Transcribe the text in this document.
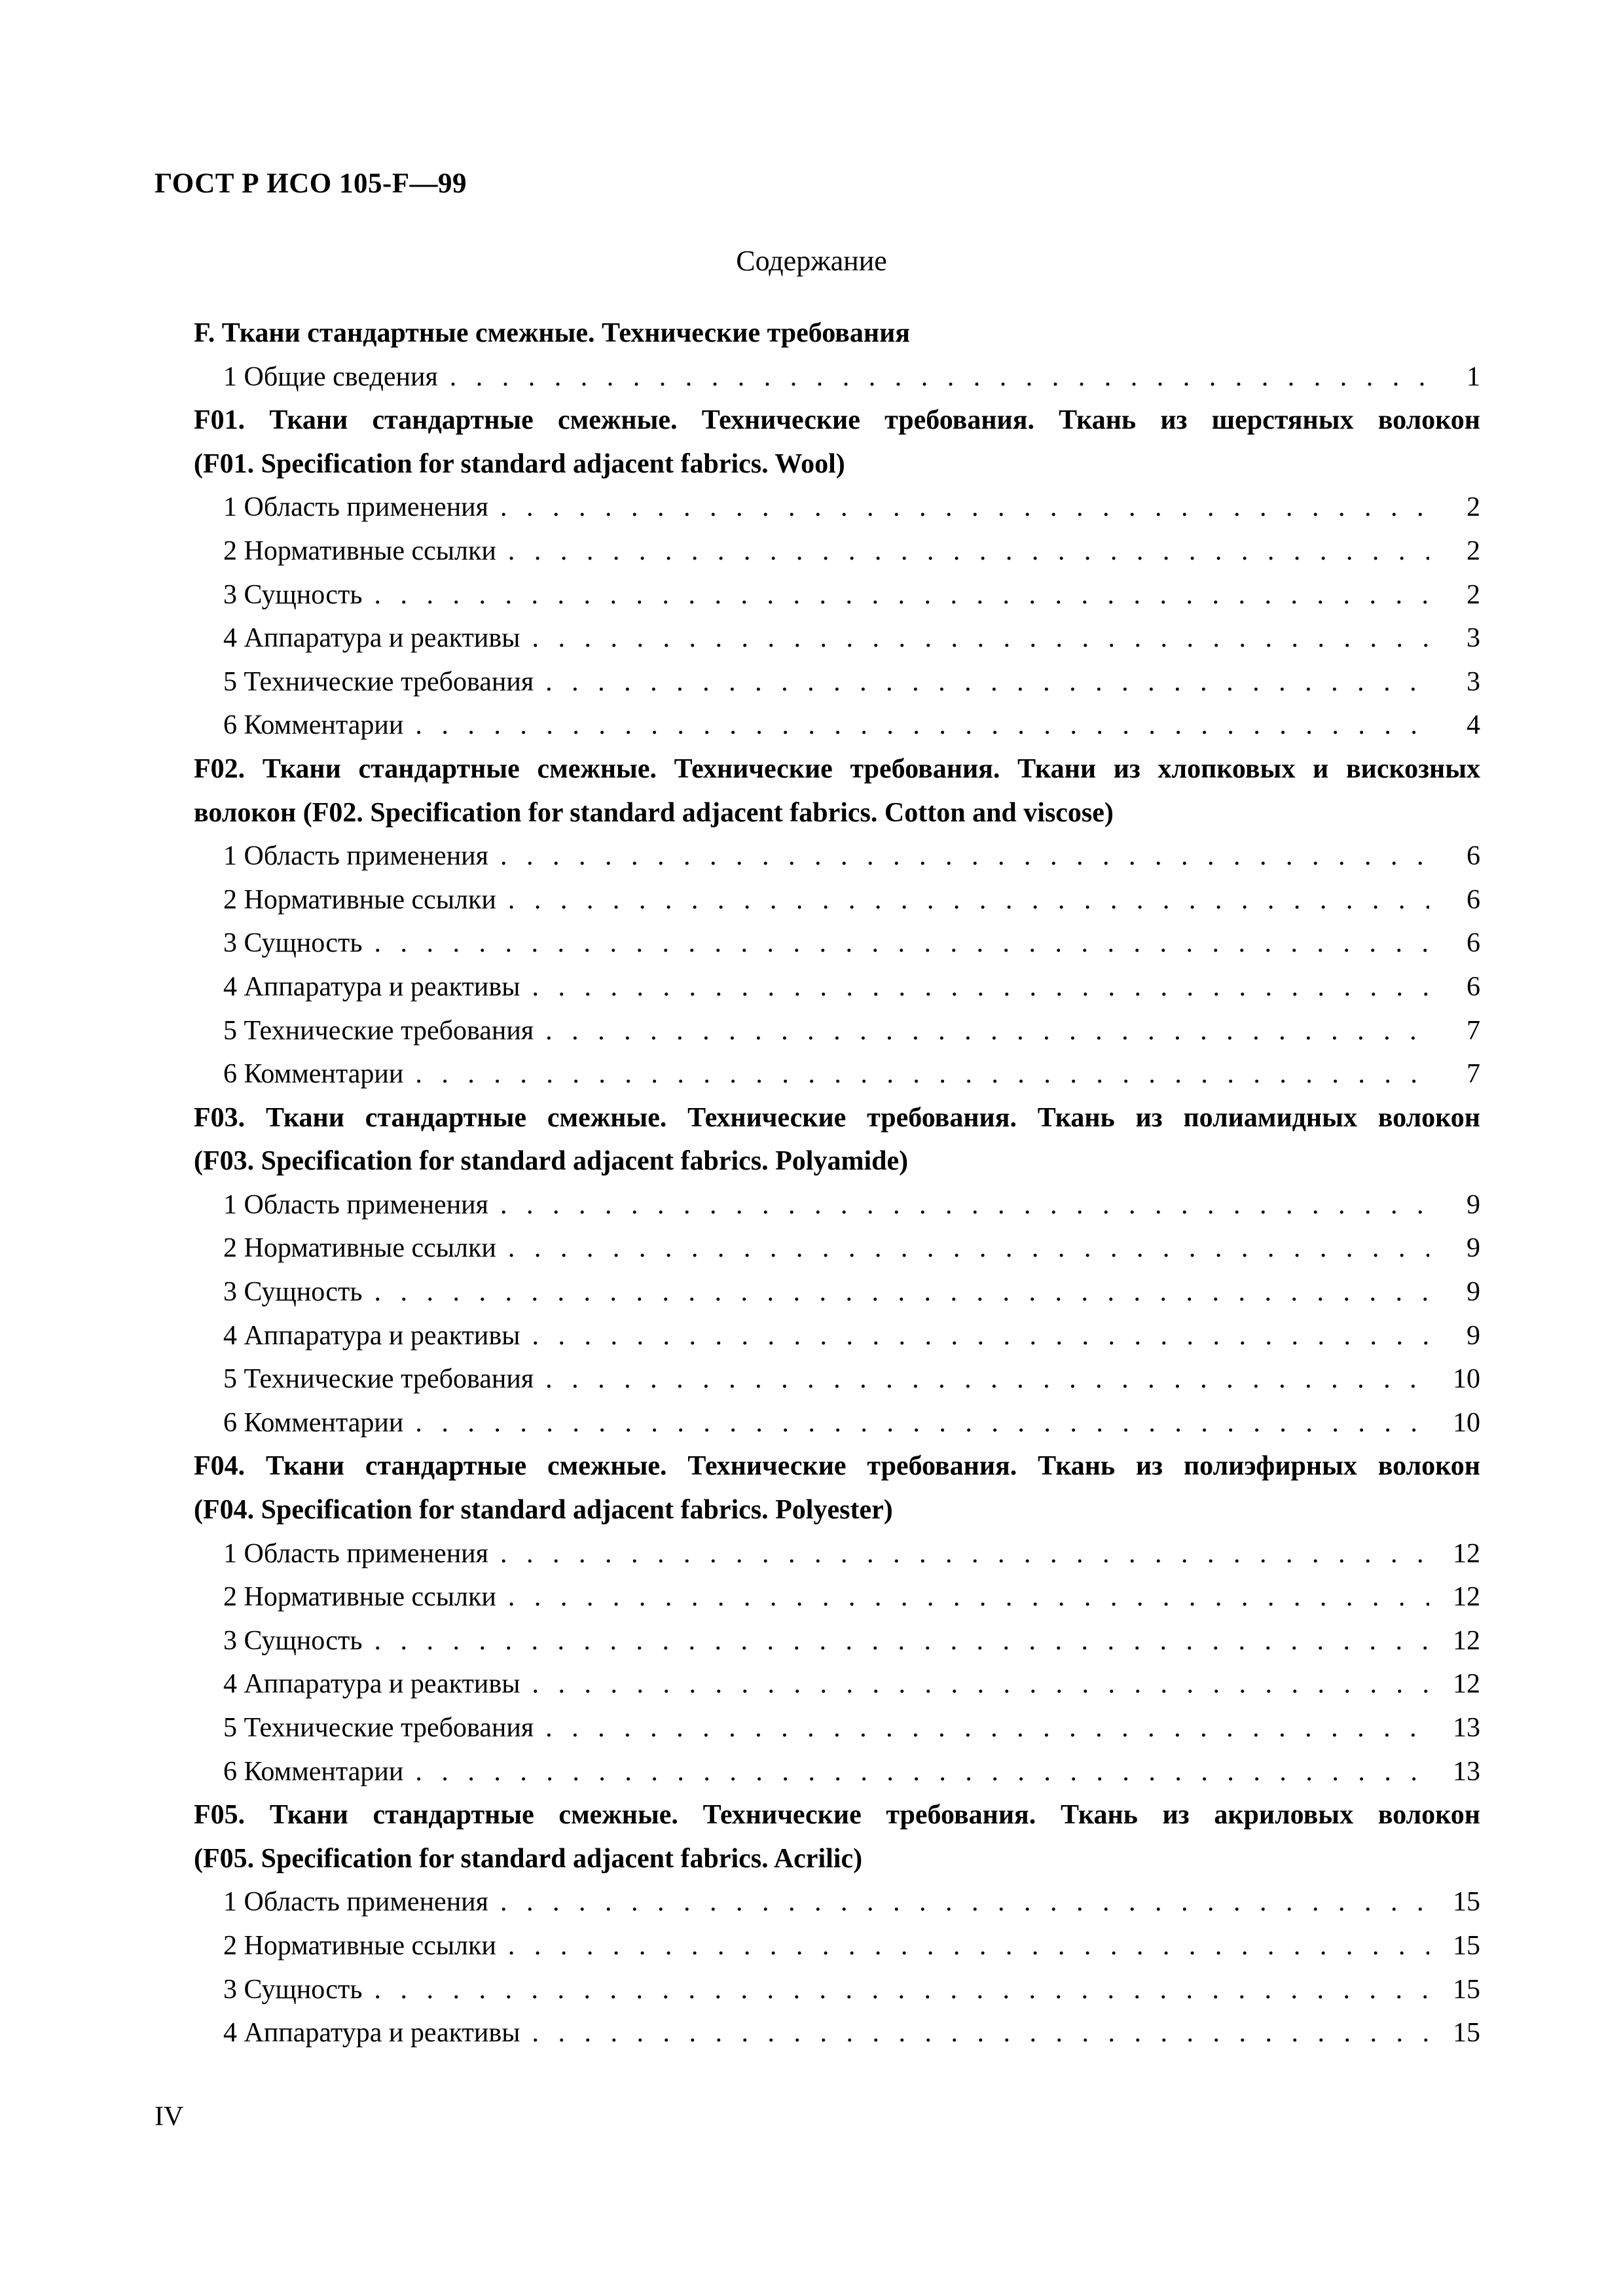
ГОСТ Р ИСО 105-F—99
Содержание
F. Ткани стандартные смежные. Технические требования
1 Общие сведения . . .	1
F01. Ткани стандартные смежные. Технические требования. Ткань из шерстяных волокон
(F01. Specification for standard adjacent fabrics. Wool)
1 Область применения . . .	2
2 Нормативные ссылки . . .	2
3 Сущность . . .	2
4 Аппаратура и реактивы . . .	3
5 Технические требования . . .	3
6 Комментарии . . .	4
F02. Ткани стандартные смежные. Технические требования. Ткани из хлопковых и вискозных
волокон (F02. Specification for standard adjacent fabrics. Cotton and viscose)
1 Область применения . . .	6
2 Нормативные ссылки . . .	6
3 Сущность . . .	6
4 Аппаратура и реактивы . . .	6
5 Технические требования . . .	7
6 Комментарии . . .	7
F03. Ткани стандартные смежные. Технические требования. Ткань из полиамидных волокон
(F03. Specification for standard adjacent fabrics. Polyamide)
1 Область применения . . .	9
2 Нормативные ссылки . . .	9
3 Сущность . . .	9
4 Аппаратура и реактивы . . .	9
5 Технические требования . . .	10
6 Комментарии . . .	10
F04. Ткани стандартные смежные. Технические требования. Ткань из полиэфирных волокон
(F04. Specification for standard adjacent fabrics. Polyester)
1 Область применения . . .	12
2 Нормативные ссылки . . .	12
3 Сущность . . .	12
4 Аппаратура и реактивы . . .	12
5 Технические требования . . .	13
6 Комментарии . . .	13
F05. Ткани стандартные смежные. Технические требования. Ткань из акриловых волокон
(F05. Specification for standard adjacent fabrics. Acrilic)
1 Область применения . . .	15
2 Нормативные ссылки . . .	15
3 Сущность . . .	15
4 Аппаратура и реактивы . . .	15
IV
